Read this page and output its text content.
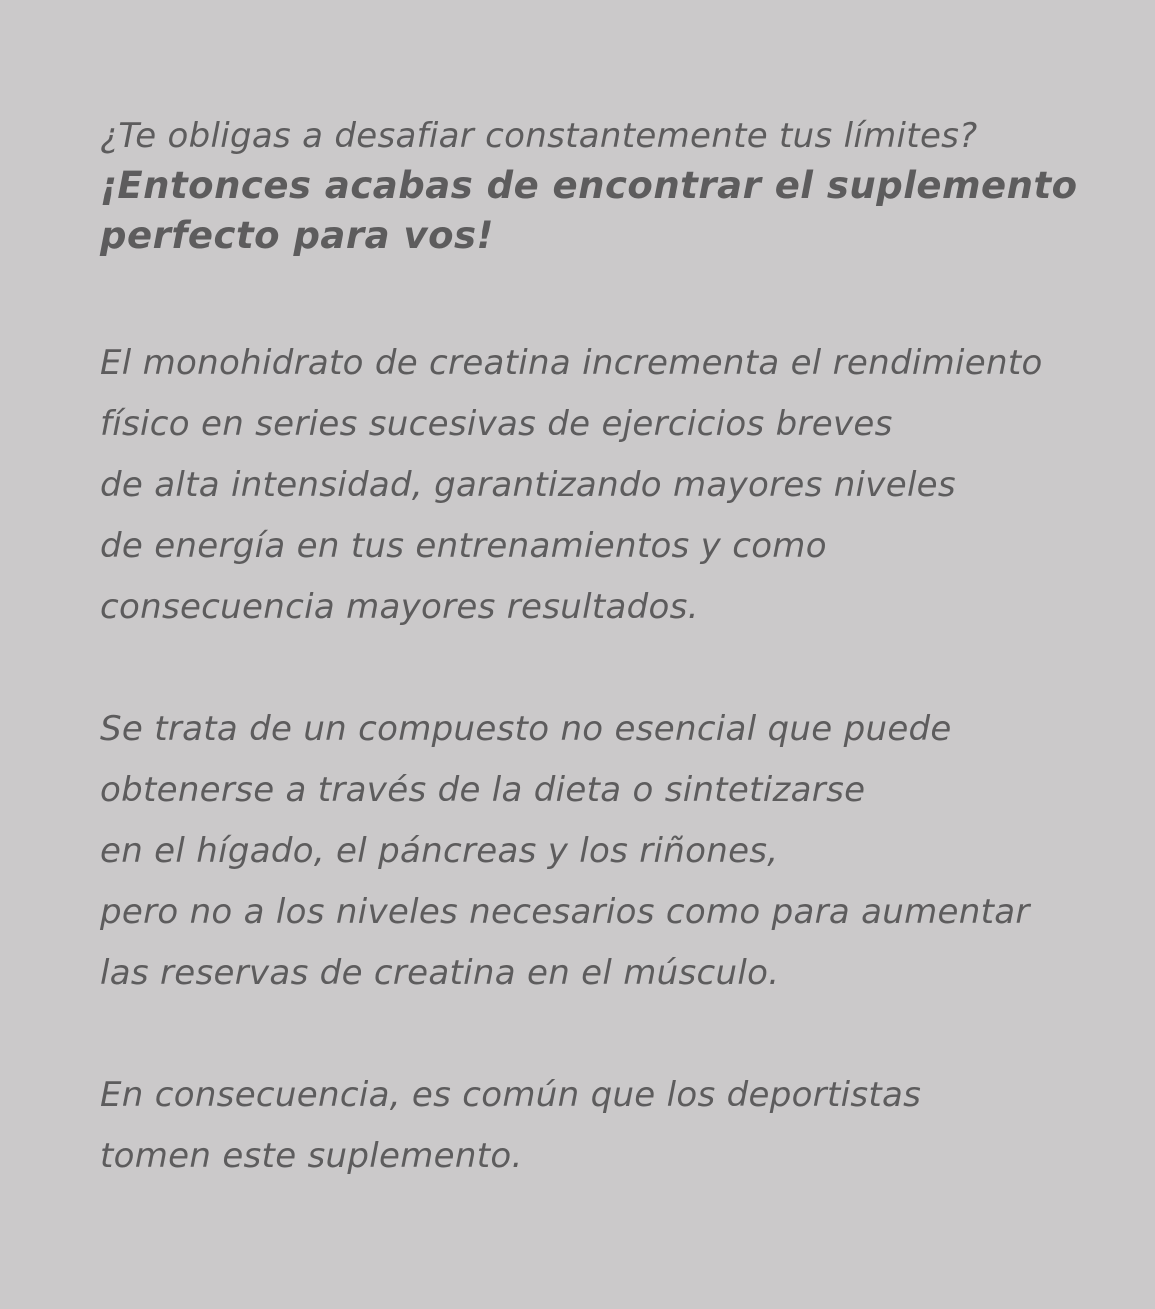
¿Te obligas a desafiar constantemente tus límites?

¡Entonces acabas de encontrar el suplemento
perfecto para vos!

El monohidrato de creatina incrementa el rendimiento
físico en series sucesivas de ejercicios breves
de alta intensidad, garantizando mayores niveles
de energía en tus entrenamientos y como
consecuencia mayores resultados.

Se trata de un compuesto no esencial que puede
obtenerse a través de la dieta o sintetizarse
en el hígado, el páncreas y los riñones,
pero no a los niveles necesarios como para aumentar
las reservas de creatina en el músculo.

En consecuencia, es común que los deportistas
tomen este suplemento.
